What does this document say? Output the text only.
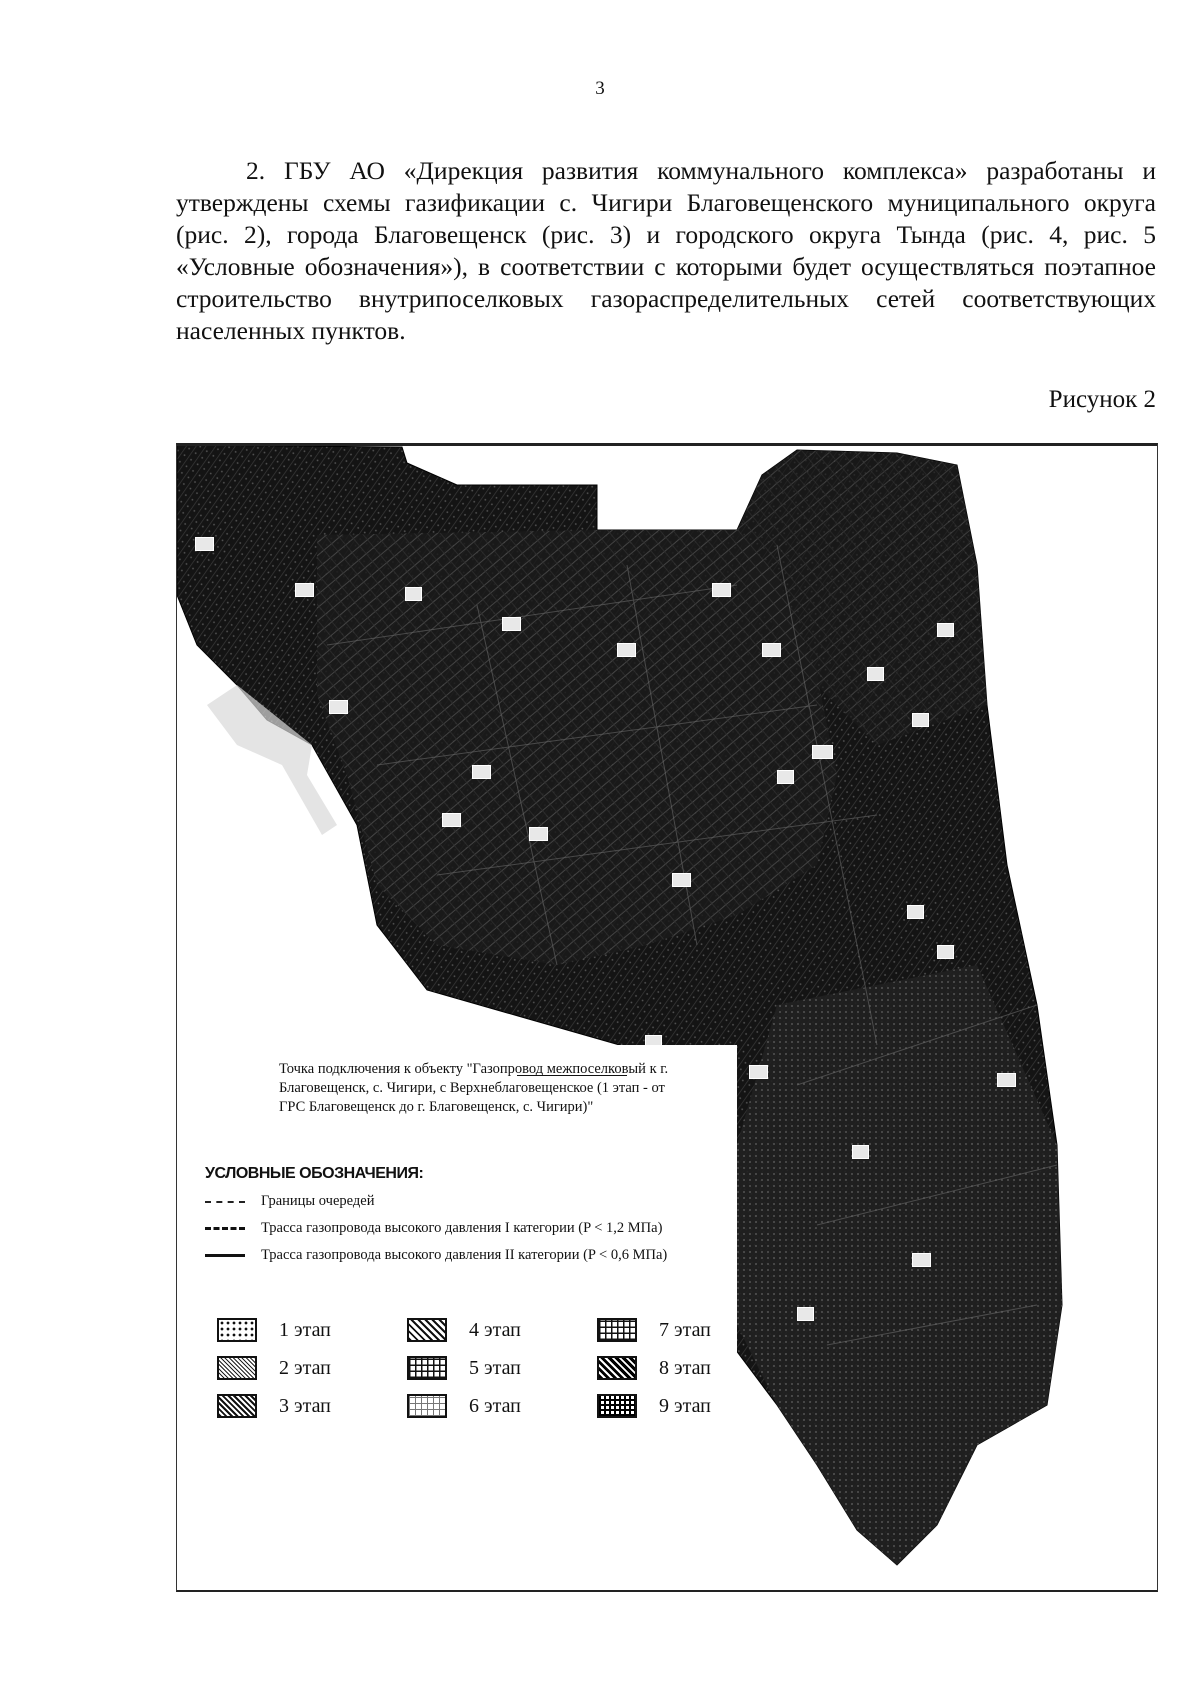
3
2. ГБУ АО «Дирекция развития коммунального комплекса» разработаны и утверждены схемы газификации с. Чигири Благовещенского муниципального округа (рис. 2), города Благовещенск (рис. 3) и городского округа Тында (рис. 4, рис. 5 «Условные обозначения»), в соответствии с которыми будет осуществляться поэтапное строительство внутрипоселковых газораспределительных сетей соответствующих населенных пунктов.
Рисунок 2

Точка подключения к объекту "Газопровод межпоселковый к г. Благовещенск, с. Чигири, с Верхнеблаговещенское (1 этап - от ГРС Благовещенск до г. Благовещенск, с. Чигири)"
УСЛОВНЫЕ ОБОЗНАЧЕНИЯ:
Границы очередей
Трасса газопровода высокого давления I категории (P < 1,2 МПа)
Трасса газопровода высокого давления II категории (P < 0,6 МПа)
1 этап	4 этап	7 этап
2 этап	5 этап	8 этап
3 этап	6 этап	9 этап
